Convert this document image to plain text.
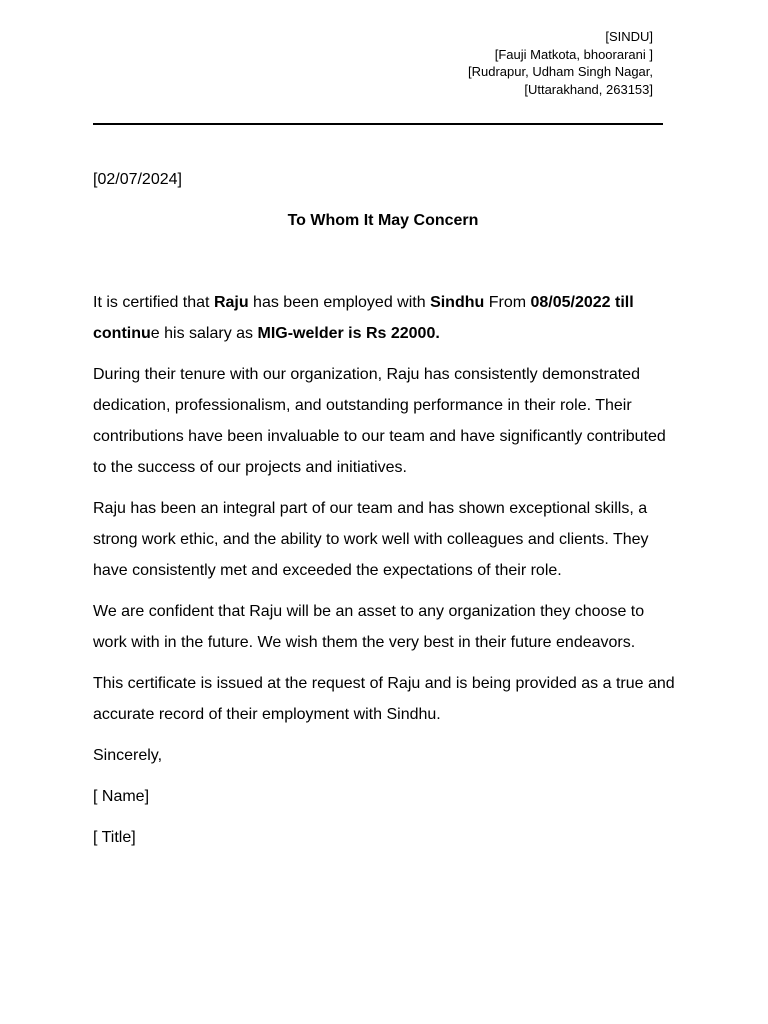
[SINDU]
[Fauji Matkota, bhoorarani ]
[Rudrapur, Udham Singh Nagar,
[Uttarakhand, 263153]
[02/07/2024]
To Whom It May Concern

It is certified that Raju has been employed with Sindhu From 08/05/2022 till continue his salary as MIG-welder is Rs 22000.

During their tenure with our organization, Raju has consistently demonstrated dedication, professionalism, and outstanding performance in their role. Their contributions have been invaluable to our team and have significantly contributed to the success of our projects and initiatives.

Raju has been an integral part of our team and has shown exceptional skills, a strong work ethic, and the ability to work well with colleagues and clients. They have consistently met and exceeded the expectations of their role.

We are confident that Raju will be an asset to any organization they choose to work with in the future. We wish them the very best in their future endeavors.

This certificate is issued at the request of Raju and is being provided as a true and accurate record of their employment with Sindhu.

Sincerely,

[ Name]

[ Title]
